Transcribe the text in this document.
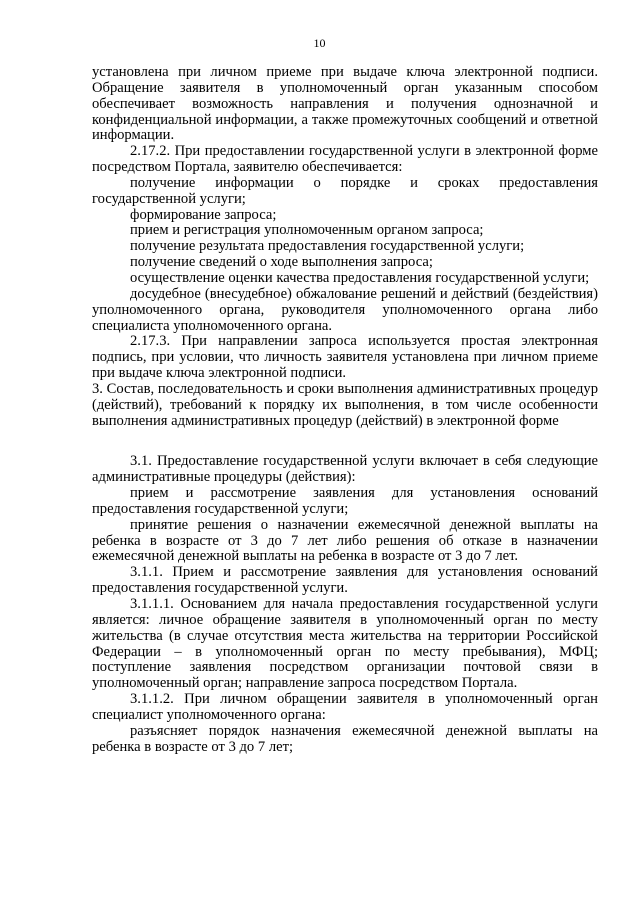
10

установлена при личном приеме при выдаче ключа электронной подписи. Обращение заявителя в уполномоченный орган указанным способом обеспечивает возможность направления и получения однозначной и конфиденциальной информации, а также промежуточных сообщений и ответной информации.

2.17.2. При предоставлении государственной услуги в электронной форме посредством Портала, заявителю обеспечивается:

получение информации о порядке и сроках предоставления государственной услуги;

формирование запроса;

прием и регистрация уполномоченным органом запроса;

получение результата предоставления государственной услуги;

получение сведений о ходе выполнения запроса;

осуществление оценки качества предоставления государственной услуги;

досудебное (внесудебное) обжалование решений и действий (бездействия) уполномоченного органа, руководителя уполномоченного органа либо специалиста уполномоченного органа.

2.17.3. При направлении запроса используется простая электронная подпись, при условии, что личность заявителя установлена при личном приеме при выдаче ключа электронной подписи.

3. Состав, последовательность и сроки выполнения административных процедур (действий), требований к порядку их выполнения, в том числе особенности выполнения административных процедур (действий) в электронной форме

3.1. Предоставление государственной услуги включает в себя следующие административные процедуры (действия):

прием и рассмотрение заявления для установления оснований предоставления государственной услуги;

принятие решения о назначении ежемесячной денежной выплаты на ребенка в возрасте от 3 до 7 лет либо решения об отказе в назначении ежемесячной денежной выплаты на ребенка в возрасте от 3 до 7 лет.

3.1.1. Прием и рассмотрение заявления для установления оснований предоставления государственной услуги.

3.1.1.1. Основанием для начала предоставления государственной услуги является: личное обращение заявителя в уполномоченный орган по месту жительства (в случае отсутствия места жительства на территории Российской Федерации – в уполномоченный орган по месту пребывания), МФЦ; поступление заявления посредством организации почтовой связи в уполномоченный орган; направление запроса посредством Портала.

3.1.1.2. При личном обращении заявителя в уполномоченный орган специалист уполномоченного органа:

разъясняет порядок назначения ежемесячной денежной выплаты на ребенка в возрасте от 3 до 7 лет;
